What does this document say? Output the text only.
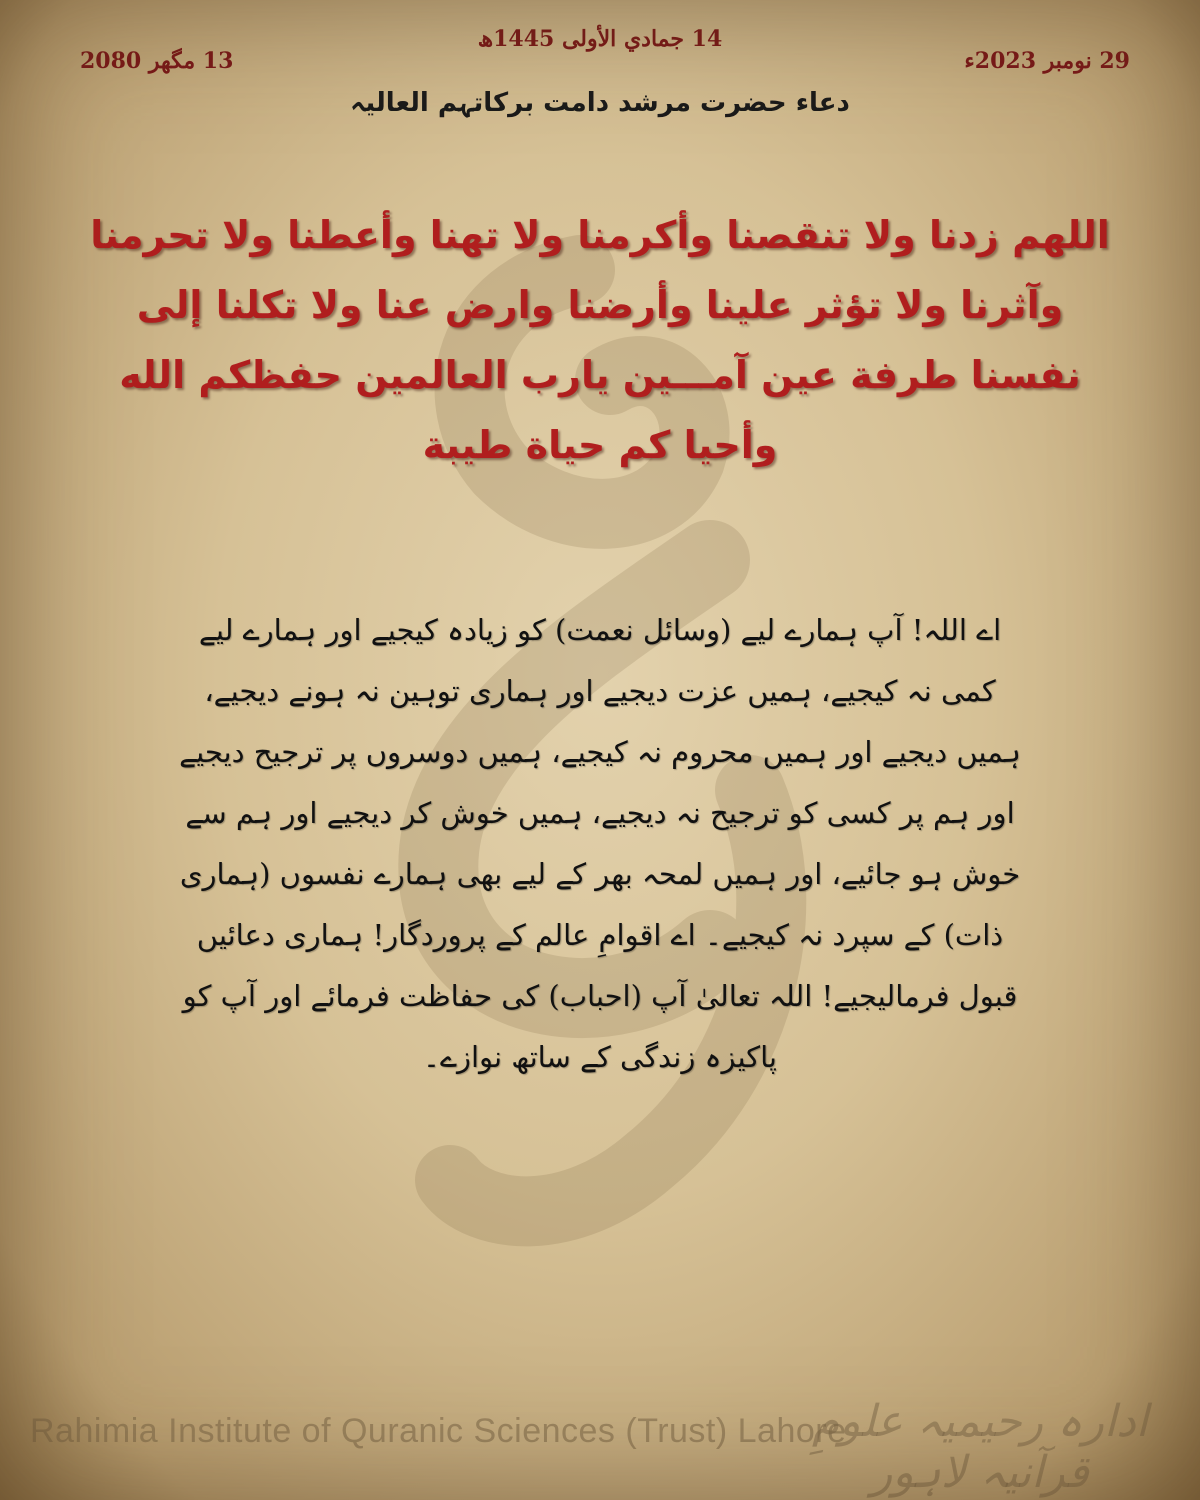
29 نومبر 2023ء
14 جمادي الأولى 1445ھ
13 مگھر 2080
دعاء حضرت مرشد دامت برکاتہم العالیہ
اللهم زدنا ولا تنقصنا وأكرمنا ولا تهنا وأعطنا ولا تحرمنا وآثرنا ولا تؤثر علينا وأرضنا وارض عنا ولا تكلنا إلى نفسنا طرفة عين آمـــين يارب العالمين حفظكم الله وأحيا كم حياة طيبة
اے اللہ! آپ ہمارے لیے (وسائل نعمت) کو زیادہ کیجیے اور ہمارے لیے کمی نہ کیجیے، ہمیں عزت دیجیے اور ہماری توہین نہ ہونے دیجیے، ہمیں دیجیے اور ہمیں محروم نہ کیجیے، ہمیں دوسروں پر ترجیح دیجیے اور ہم پر کسی کو ترجیح نہ دیجیے، ہمیں خوش کر دیجیے اور ہم سے خوش ہو جائیے، اور ہمیں لمحہ بھر کے لیے بھی ہمارے نفسوں (ہماری ذات) کے سپرد نہ کیجیے۔ اے اقوامِ عالم کے پروردگار! ہماری دعائیں قبول فرمالیجیے! اللہ تعالیٰ آپ (احباب) کی حفاظت فرمائے اور آپ کو پاکیزہ زندگی کے ساتھ نوازے۔
Rahimia Institute of Quranic Sciences (Trust) Lahore
ادارہ رحیمیہ علومِ قرآنیہ لاہور
